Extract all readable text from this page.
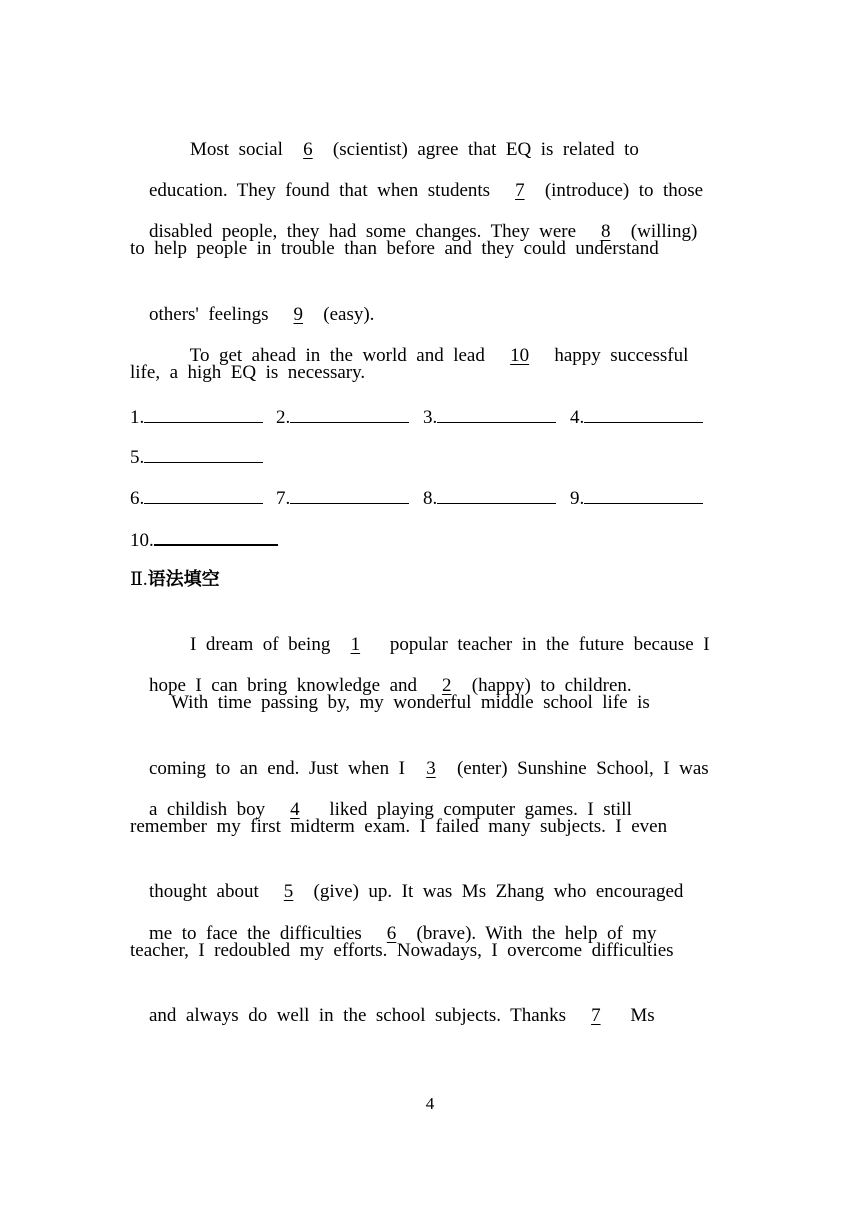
Most  social 6 (scientist)  agree  that  EQ  is  related  to

education.  They  found  that  when  students 7 (introduce)  to  those

disabled  people,  they  had  some  changes.  They  were 8 (willing)

to  help  people  in  trouble  than  before  and  they  could  understand

others'  feelings 9 (easy).

To  get  ahead  in  the  world  and  lead 10 happy  successful

life,  a  high  EQ  is  necessary.
1.	2.	3.	4.
5.
6.	7.	8.	9.
10.
Ⅱ.语法填空

I  dream  of  being 1  popular  teacher  in  the  future  because  I

hope  I  can  bring  knowledge  and 2 (happy)  to  children.

With  time  passing  by,  my  wonderful  middle  school  life  is

coming  to  an  end.  Just  when  I 3 (enter)  Sunshine  School,  I  was

a  childish  boy 4  liked  playing  computer  games.  I  still

remember  my  first  midterm  exam.  I  failed  many  subjects.  I  even

thought  about 5 (give)  up.  It  was  Ms  Zhang  who  encouraged

me  to  face  the  difficulties 6 (brave).  With  the  help  of  my

teacher,  I  redoubled  my  efforts.  Nowadays,  I  overcome  difficulties

and  always  do  well  in  the  school  subjects.  Thanks 7  Ms

4
